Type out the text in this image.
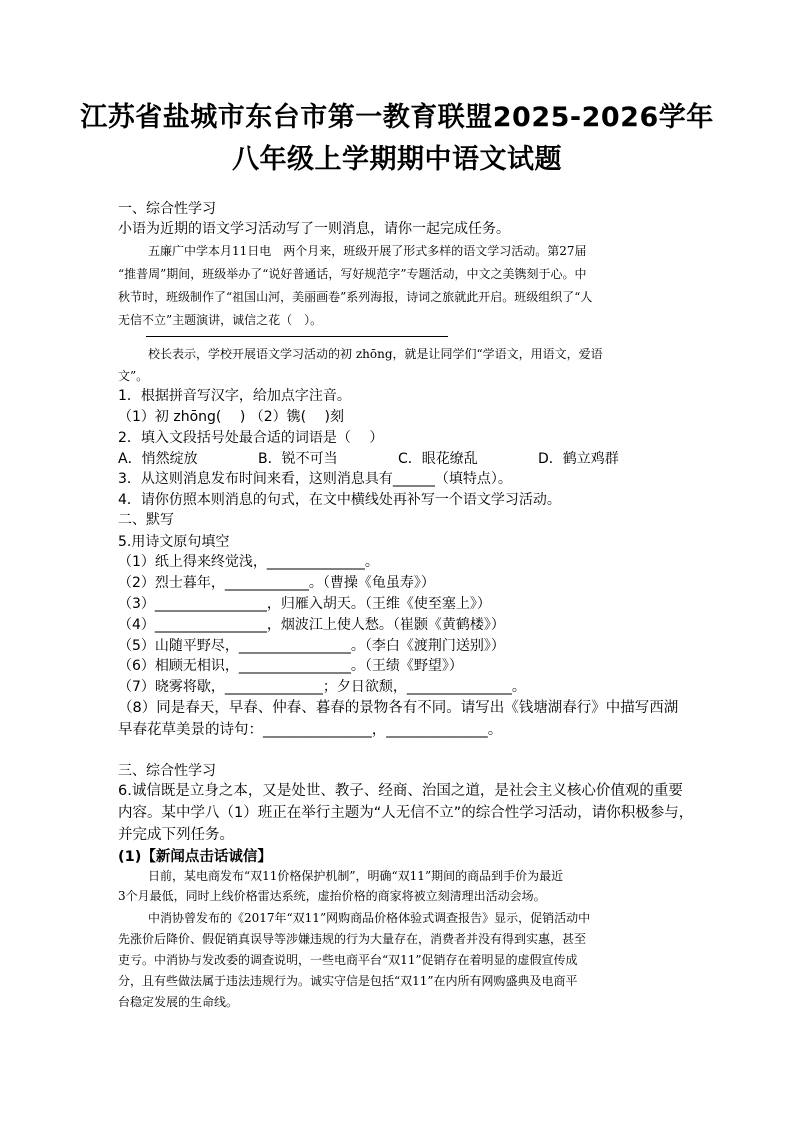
江苏省盐城市东台市第一教育联盟2025-2026学年
八年级上学期期中语文试题
一、综合性学习
小语为近期的语文学习活动写了一则消息，请你一起完成任务。
五廉广中学本月11日电　两个月来，班级开展了形式多样的语文学习活动。第27届
“推普周”期间，班级举办了“说好普通话，写好规范字”专题活动，中文之美镌刻于心。中
秋节时，班级制作了“祖国山河，美丽画卷”系列海报，诗词之旅就此开启。班级组织了“人
无信不立”主题演讲，诚信之花（　）。
校长表示，学校开展语文学习活动的初 zhōng，就是让同学们“学语文，用语文，爱语
文”。
1．根据拼音写汉字，给加点字注音。
（1）初 zhōng(　 ) （2）镌(　 )刻
2．填入文段括号处最合适的词语是（　 ）
A．悄然绽放	B．锐不可当	C．眼花缭乱	D．鹤立鸡群
3．从这则消息发布时间来看，这则消息具有______（填特点）。
4．请你仿照本则消息的句式，在文中横线处再补写一个语文学习活动。
二、默写
5.用诗文原句填空
（1）纸上得来终觉浅，______________。
（2）烈士暮年，____________。（曹操《龟虽寿》）
（3）________________，归雁入胡天。（王维《使至塞上》）
（4）________________，烟波江上使人愁。（崔颢《黄鹤楼》）
（5）山随平野尽，________________。（李白《渡荆门送别》）
（6）相顾无相识，________________。（王绩《野望》）
（7）晓雾将歇，______________；夕日欲颓，_______________。
（8）同是春天，早春、仲春、暮春的景物各有不同。请写出《钱塘湖春行》中描写西湖
早春花草美景的诗句：_______________，______________。
三、综合性学习
6.诚信既是立身之本，又是处世、教子、经商、治国之道，是社会主义核心价值观的重要
内容。某中学八（1）班正在举行主题为“人无信不立”的综合性学习活动，请你积极参与，
并完成下列任务。
(1)【新闻点击话诚信】
日前，某电商发布“双11价格保护机制”，明确“双11”期间的商品到手价为最近
3个月最低，同时上线价格雷达系统，虚抬价格的商家将被立刻清理出活动会场。
中消协曾发布的《2017年“双11”网购商品价格体验式调查报告》显示，促销活动中
先涨价后降价、假促销真误导等涉嫌违规的行为大量存在，消费者并没有得到实惠，甚至
吏亏。中消协与发改委的调查说明，一些电商平台“双11”促销存在着明显的虚假宣传成
分，且有些做法属于违法违规行为。诚实守信是包括“双11”在内所有网购盛典及电商平
台稳定发展的生命线。
